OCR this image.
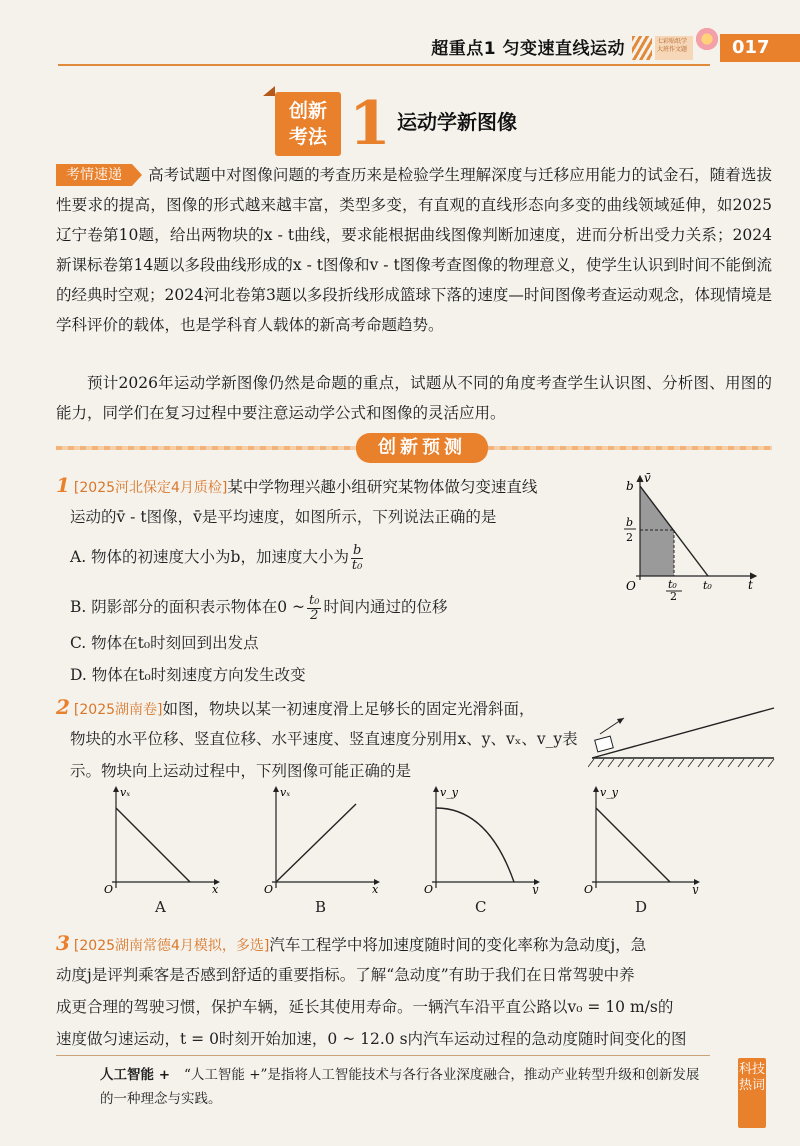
超重点1 匀变速直线运动	七彩贴纸学 大班作文题	017
创新
考法 1 运动学新图像
考情速递 高考试题中对图像问题的考查历来是检验学生理解深度与迁移应用能力的试金石，随着选拔性要求的提高，图像的形式越来越丰富，类型多变，有直观的直线形态向多变的曲线领域延伸，如2025辽宁卷第10题，给出两物块的x - t曲线，要求能根据曲线图像判断加速度，进而分析出受力关系；2024新课标卷第14题以多段曲线形成的x - t图像和v - t图像考查图像的物理意义，使学生认识到时间不能倒流的经典时空观；2024河北卷第3题以多段折线形成篮球下落的速度—时间图像考查运动观念，体现情境是学科评价的载体，也是学科育人载体的新高考命题趋势。
预计2026年运动学新图像仍然是命题的重点，试题从不同的角度考查学生认识图、分析图、用图的能力，同学们在复习过程中要注意运动学公式和图像的灵活应用。
创新预测
1 [2025河北保定4月质检]某中学物理兴趣小组研究某物体做匀变速直线
运动的v̄ - t图像，v̄是平均速度，如图所示，下列说法正确的是
A. 物体的初速度大小为b，加速度大小为 $\frac{b}{\text{t₀}}$
B. 阴影部分的面积表示物体在0 ~ $\frac{\text{t₀}}{2}$ 时间内通过的位移
C. 物体在t₀时刻回到出发点
D. 物体在t₀时刻速度方向发生改变
v̄
b
b
2
O	t₀
2
t₀	t
2 [2025湖南卷]如图，物块以某一初速度滑上足够长的固定光滑斜面，
物块的水平位移、竖直位移、水平速度、竖直速度分别用x、y、vₓ、v_y表
示。物块向上运动过程中，下列图像可能正确的是
vₓ
O	x
vₓ
O	x
v_y
O	y
v_y
O	y
A	B	C	D
3 [2025湖南常德4月模拟，多选]汽车工程学中将加速度随时间的变化率称为急动度j，急
动度j是评判乘客是否感到舒适的重要指标。了解“急动度”有助于我们在日常驾驶中养
成更合理的驾驶习惯，保护车辆，延长其使用寿命。一辆汽车沿平直公路以v₀ = 10 m/s的
速度做匀速运动，t = 0时刻开始加速，0 ~ 12.0 s内汽车运动过程的急动度随时间变化的图
人工智能 + “人工智能 +”是指将人工智能技术与各行各业深度融合，推动产业转型升级和创新发展的一种理念与实践。
科技热词
